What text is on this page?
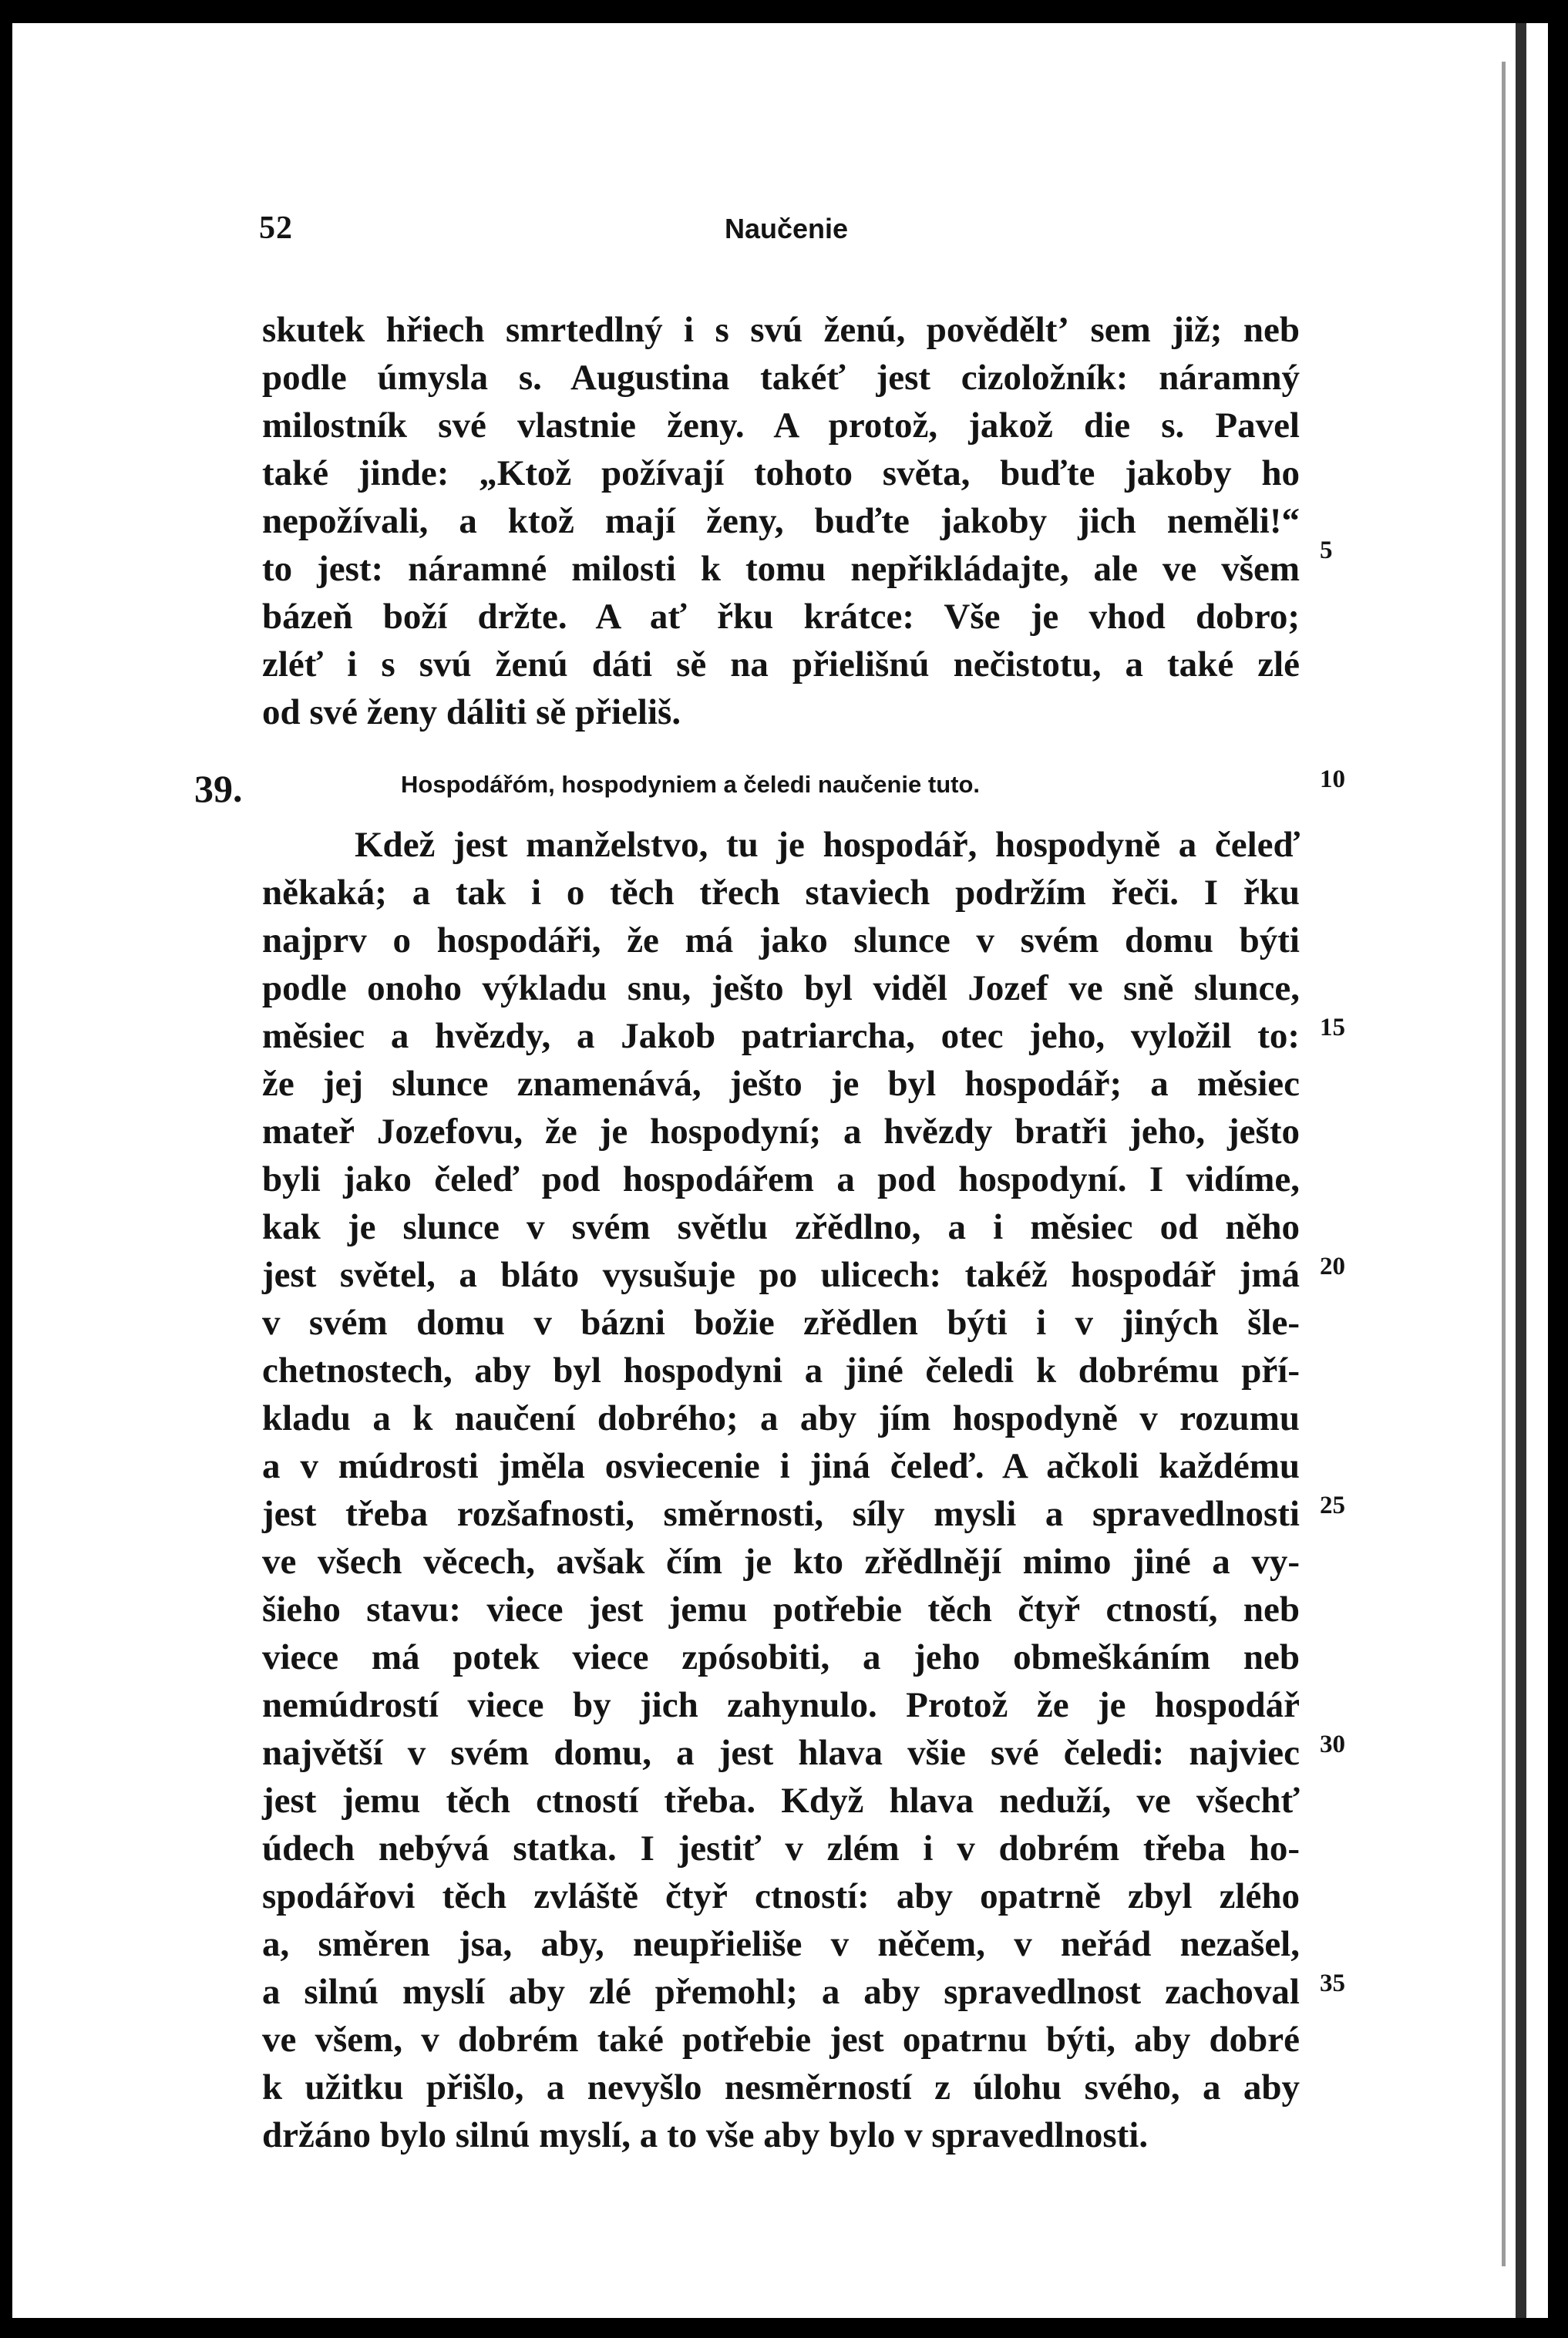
52	Naučenie
skutek hřiech smrtedlný i s svú ženú, pověděltʼ sem již; neb
podle úmysla s. Augustina takéť jest cizoložník: náramný
milostník své vlastnie ženy. A protož, jakož die s. Pavel
také jinde: „Ktož požívají tohoto světa, buďte jakoby ho
nepožívali, a ktož mají ženy, buďte jakoby jich neměli!“
to jest: náramné milosti k tomu nepřikládajte, ale ve všem
bázeň boží držte. A ať řku krátce: Vše je vhod dobro;
zléť i s svú ženú dáti sě na přielišnú nečistotu, a také zlé
od své ženy dáliti sě přieliš.
39.	Hospodářóm, hospodyniem a čeledi naučenie tuto.
Kdež jest manželstvo, tu je hospodář, hospodyně a čeleď
někaká; a tak i o těch třech staviech podržím řeči. I řku
najprv o hospodáři, že má jako slunce v svém domu býti
podle onoho výkladu snu, ješto byl viděl Jozef ve sně slunce,
měsiec a hvězdy, a Jakob patriarcha, otec jeho, vyložil to:
že jej slunce znamenává, ješto je byl hospodář; a měsiec
mateř Jozefovu, že je hospodyní; a hvězdy bratři jeho, ješto
byli jako čeleď pod hospodářem a pod hospodyní. I vidíme,
kak je slunce v svém světlu zřědlno, a i měsiec od něho
jest světel, a bláto vysušuje po ulicech: takéž hospodář jmá
v svém domu v bázni božie zřědlen býti i v jiných šle-
chetnostech, aby byl hospodyni a jiné čeledi k dobrému pří-
kladu a k naučení dobrého; a aby jím hospodyně v rozumu
a v múdrosti jměla osviecenie i jiná čeleď. A ačkoli každému
jest třeba rozšafnosti, směrnosti, síly mysli a spravedlnosti
ve všech věcech, avšak čím je kto zřědlnějí mimo jiné a vy-
šieho stavu: viece jest jemu potřebie těch čtyř ctností, neb
viece má potek viece zpósobiti, a jeho obmeškáním neb
nemúdrostí viece by jich zahynulo. Protož že je hospodář
najvětší v svém domu, a jest hlava všie své čeledi: najviec
jest jemu těch ctností třeba. Když hlava neduží, ve všechť
údech nebývá statka. I jestiť v zlém i v dobrém třeba ho-
spodářovi těch zvláště čtyř ctností: aby opatrně zbyl zlého
a, směren jsa, aby, neupřieliše v něčem, v neřád nezašel,
a silnú myslí aby zlé přemohl; a aby spravedlnost zachoval
ve všem, v dobrém také potřebie jest opatrnu býti, aby dobré
k užitku přišlo, a nevyšlo nesměrností z úlohu svého, a aby
držáno bylo silnú myslí, a to vše aby bylo v spravedlnosti.
5
10
15
20
25
30
35
